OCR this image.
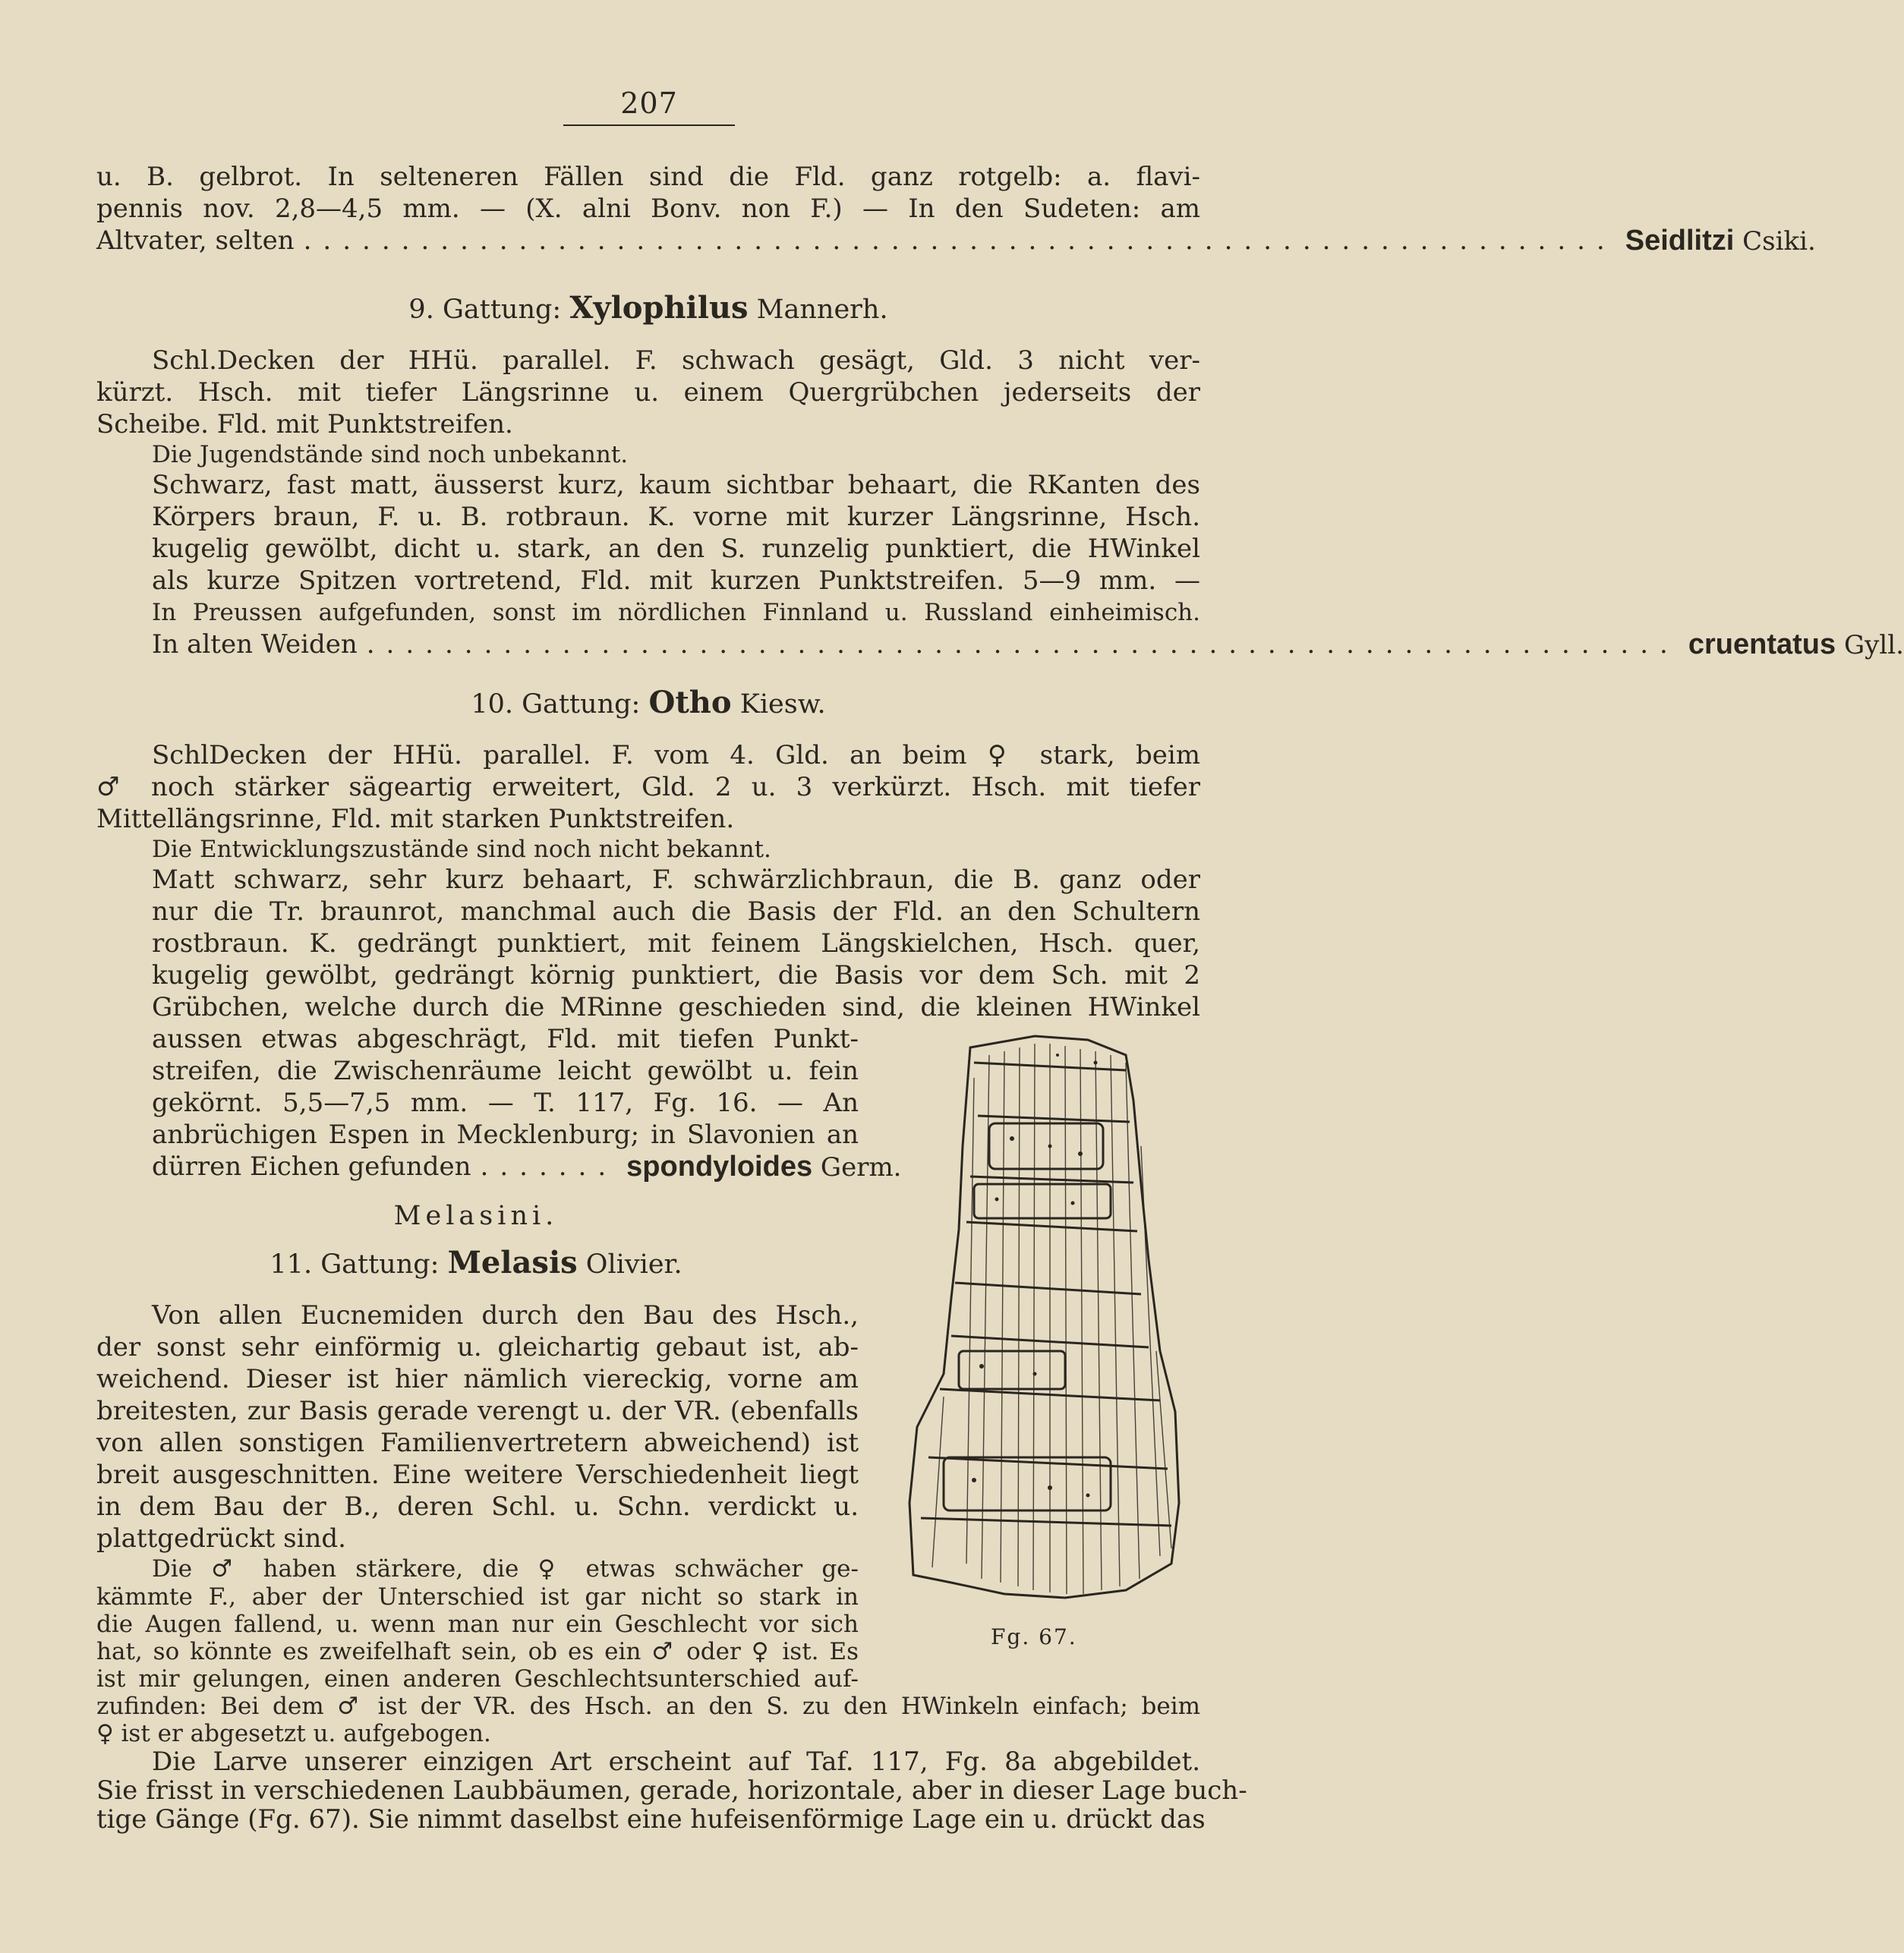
207
u. B. gelbrot. In selteneren Fällen sind die Fld. ganz rotgelb: a. flavi-
pennis nov. 2,8—4,5 mm. — (X. alni Bonv. non F.) — In den Sudeten: am
Altvater, selten ................................................................... Seidlitzi Csiki.
9. Gattung: Xylophilus Mannerh.
Schl.Decken der HHü. parallel. F. schwach gesägt, Gld. 3 nicht ver-
kürzt. Hsch. mit tiefer Längsrinne u. einem Quergrübchen jederseits der
Scheibe. Fld. mit Punktstreifen.
Die Jugendstände sind noch unbekannt.
Schwarz, fast matt, äusserst kurz, kaum sichtbar behaart, die RKanten des
Körpers braun, F. u. B. rotbraun. K. vorne mit kurzer Längsrinne, Hsch.
kugelig gewölbt, dicht u. stark, an den S. runzelig punktiert, die HWinkel
als kurze Spitzen vortretend, Fld. mit kurzen Punktstreifen. 5—9 mm. —
In Preussen aufgefunden, sonst im nördlichen Finnland u. Russland einheimisch.
In alten Weiden ................................................................... cruentatus Gyll.
10. Gattung: Otho Kiesw.
SchlDecken der HHü. parallel. F. vom 4. Gld. an beim ♀ stark, beim
♂ noch stärker sägeartig erweitert, Gld. 2 u. 3 verkürzt. Hsch. mit tiefer
Mittellängsrinne, Fld. mit starken Punktstreifen.
Die Entwicklungszustände sind noch nicht bekannt.
Matt schwarz, sehr kurz behaart, F. schwärzlichbraun, die B. ganz oder
nur die Tr. braunrot, manchmal auch die Basis der Fld. an den Schultern
rostbraun. K. gedrängt punktiert, mit feinem Längskielchen, Hsch. quer,
kugelig gewölbt, gedrängt körnig punktiert, die Basis vor dem Sch. mit 2
Grübchen, welche durch die MRinne geschieden sind, die kleinen HWinkel
aussen etwas abgeschrägt, Fld. mit tiefen Punkt-
streifen, die Zwischenräume leicht gewölbt u. fein
gekörnt. 5,5—7,5 mm. — T. 117, Fg. 16. — An
anbrüchigen Espen in Mecklenburg; in Slavonien an
dürren Eichen gefunden ....... spondyloides Germ.
Melasini.
11. Gattung: Melasis Olivier.
Von allen Eucnemiden durch den Bau des Hsch.,
der sonst sehr einförmig u. gleichartig gebaut ist, ab-
weichend. Dieser ist hier nämlich viereckig, vorne am
breitesten, zur Basis gerade verengt u. der VR. (ebenfalls
von allen sonstigen Familienvertretern abweichend) ist
breit ausgeschnitten. Eine weitere Verschiedenheit liegt
in dem Bau der B., deren Schl. u. Schn. verdickt u.
plattgedrückt sind.
Die ♂ haben stärkere, die ♀ etwas schwächer ge-
kämmte F., aber der Unterschied ist gar nicht so stark in
die Augen fallend, u. wenn man nur ein Geschlecht vor sich
hat, so könnte es zweifelhaft sein, ob es ein ♂ oder ♀ ist. Es
ist mir gelungen, einen anderen Geschlechtsunterschied auf-
zufinden: Bei dem ♂ ist der VR. des Hsch. an den S. zu den HWinkeln einfach; beim
♀ ist er abgesetzt u. aufgebogen.
Die Larve unserer einzigen Art erscheint auf Taf. 117, Fg. 8a abgebildet.
Sie frisst in verschiedenen Laubbäumen, gerade, horizontale, aber in dieser Lage buch-
tige Gänge (Fg. 67). Sie nimmt daselbst eine hufeisenförmige Lage ein u. drückt das
Fg. 67.
